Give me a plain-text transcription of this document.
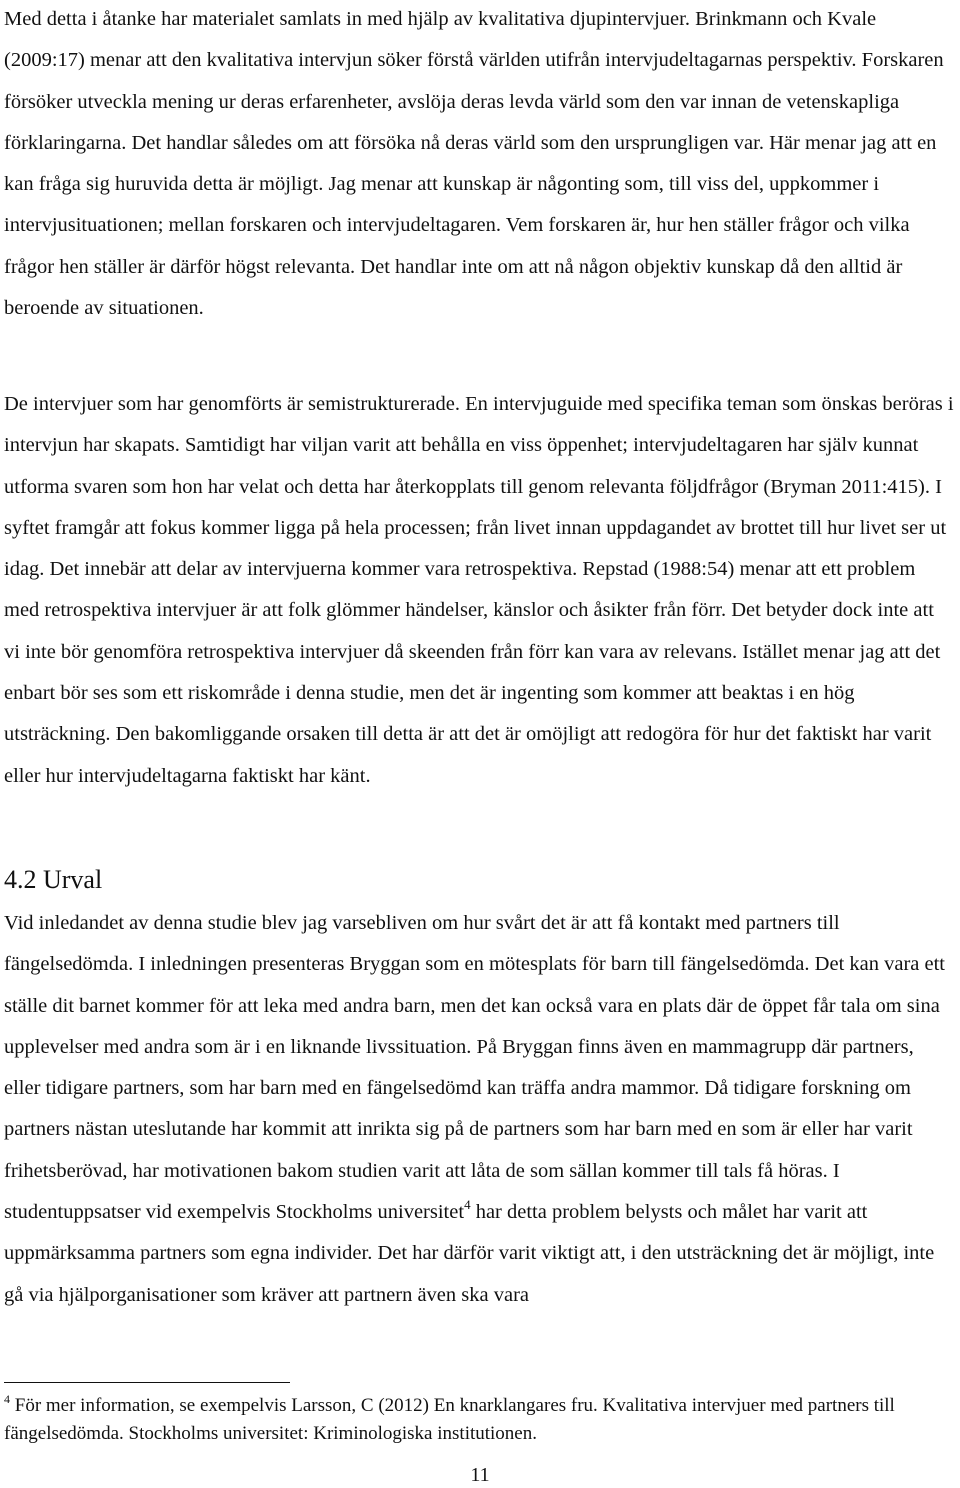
Med detta i åtanke har materialet samlats in med hjälp av kvalitativa djupintervjuer. Brinkmann och Kvale (2009:17) menar att den kvalitativa intervjun söker förstå världen utifrån intervjudeltagarnas perspektiv. Forskaren försöker utveckla mening ur deras erfarenheter, avslöja deras levda värld som den var innan de vetenskapliga förklaringarna. Det handlar således om att försöka nå deras värld som den ursprungligen var. Här menar jag att en kan fråga sig huruvida detta är möjligt. Jag menar att kunskap är någonting som, till viss del, uppkommer i intervjusituationen; mellan forskaren och intervjudeltagaren. Vem forskaren är, hur hen ställer frågor och vilka frågor hen ställer är därför högst relevanta. Det handlar inte om att nå någon objektiv kunskap då den alltid är beroende av situationen.

De intervjuer som har genomförts är semistrukturerade. En intervjuguide med specifika teman som önskas beröras i intervjun har skapats. Samtidigt har viljan varit att behålla en viss öppenhet; intervjudeltagaren har själv kunnat utforma svaren som hon har velat och detta har återkopplats till genom relevanta följdfrågor (Bryman 2011:415). I syftet framgår att fokus kommer ligga på hela processen; från livet innan uppdagandet av brottet till hur livet ser ut idag. Det innebär att delar av intervjuerna kommer vara retrospektiva. Repstad (1988:54) menar att ett problem med retrospektiva intervjuer är att folk glömmer händelser, känslor och åsikter från förr. Det betyder dock inte att vi inte bör genomföra retrospektiva intervjuer då skeenden från förr kan vara av relevans. Istället menar jag att det enbart bör ses som ett riskområde i denna studie, men det är ingenting som kommer att beaktas i en hög utsträckning. Den bakomliggande orsaken till detta är att det är omöjligt att redogöra för hur det faktiskt har varit eller hur intervjudeltagarna faktiskt har känt.

4.2 Urval

Vid inledandet av denna studie blev jag varsebliven om hur svårt det är att få kontakt med partners till fängelsedömda. I inledningen presenteras Bryggan som en mötesplats för barn till fängelsedömda. Det kan vara ett ställe dit barnet kommer för att leka med andra barn, men det kan också vara en plats där de öppet får tala om sina upplevelser med andra som är i en liknande livssituation. På Bryggan finns även en mammagrupp där partners, eller tidigare partners, som har barn med en fängelsedömd kan träffa andra mammor. Då tidigare forskning om partners nästan uteslutande har kommit att inrikta sig på de partners som har barn med en som är eller har varit frihetsberövad, har motivationen bakom studien varit att låta de som sällan kommer till tals få höras. I studentuppsatser vid exempelvis Stockholms universitet$^4$ har detta problem belysts och målet har varit att uppmärksamma partners som egna individer. Det har därför varit viktigt att, i den utsträckning det är möjligt, inte gå via hjälporganisationer som kräver att partnern även ska vara

$^4$ För mer information, se exempelvis Larsson, C (2012) En knarklangares fru. Kvalitativa intervjuer med partners till fängelsedömda. Stockholms universitet: Kriminologiska institutionen.

11
